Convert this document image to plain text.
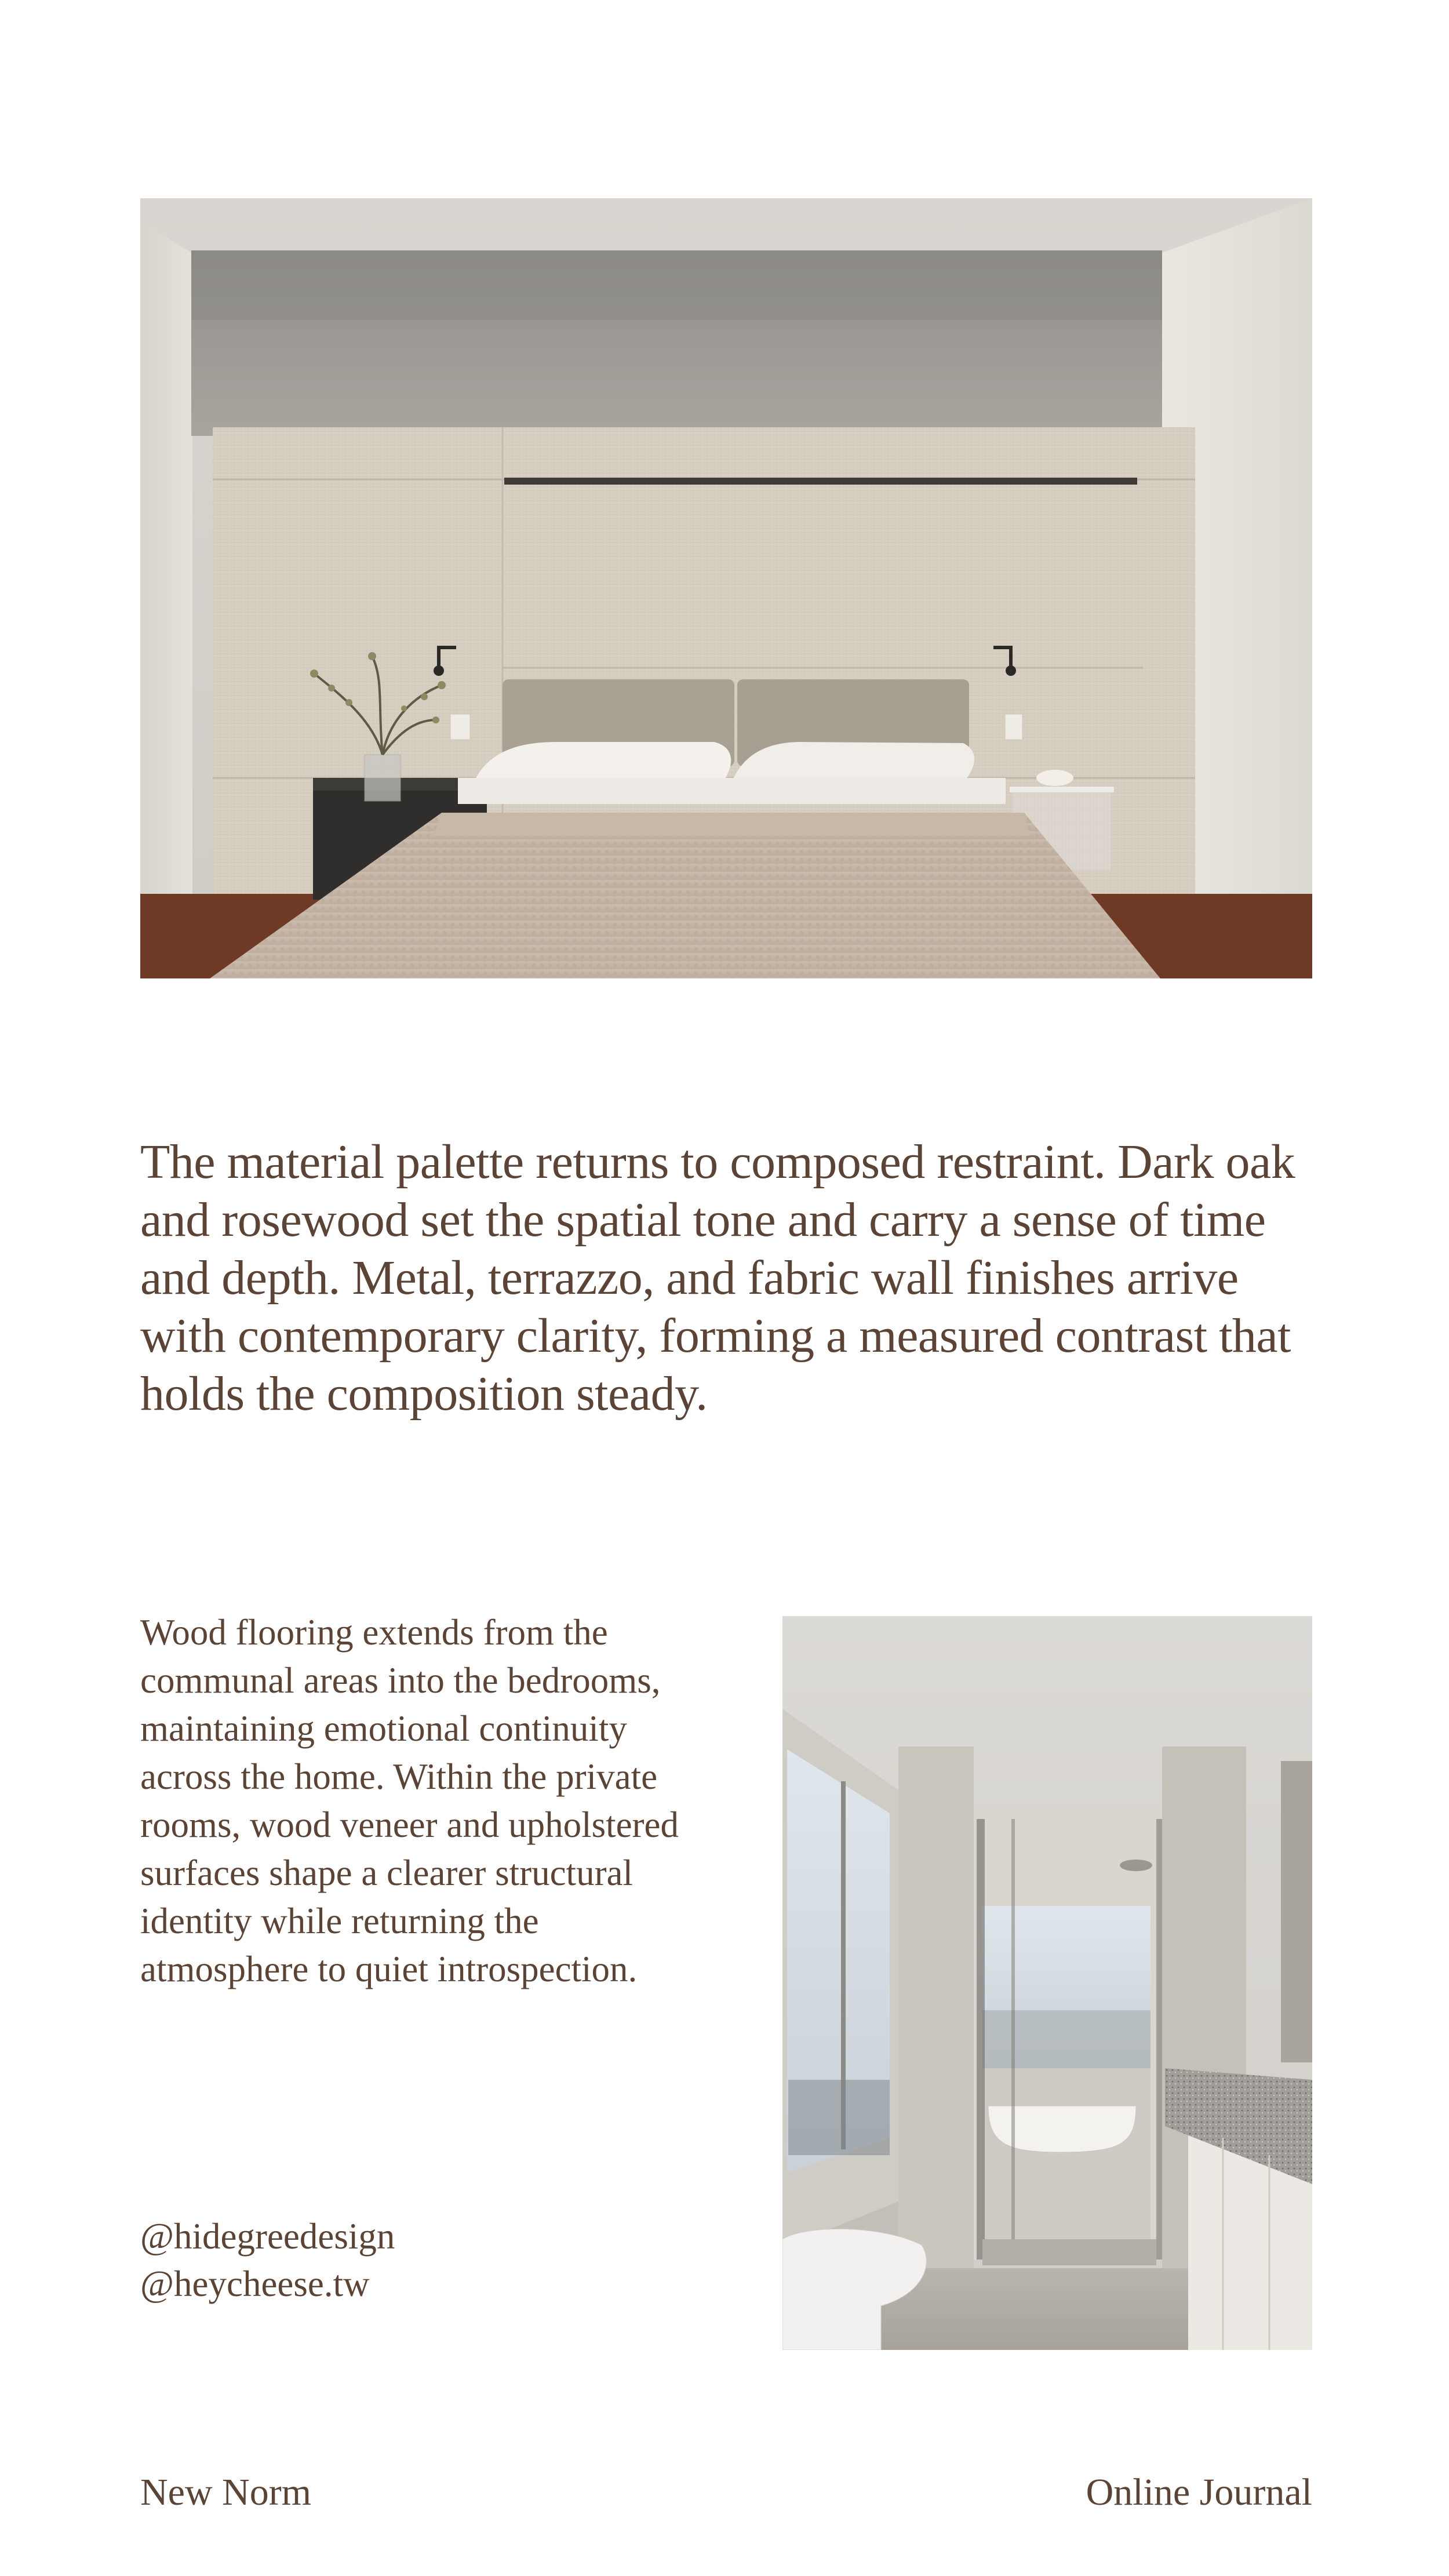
The material palette returns to composed restraint. Dark oak and rosewood set the spatial tone and carry a sense of time and depth. Metal, terrazzo, and fabric wall finishes arrive with contemporary clarity, forming a measured contrast that holds the composition steady.

Wood flooring extends from the communal areas into the bedrooms, maintaining emotional continuity across the home. Within the private rooms, wood veneer and upholstered surfaces shape a clearer structural identity while returning the atmosphere to quiet introspection.

@hidegreedesign
@heycheese.tw
New Norm	Online Journal
